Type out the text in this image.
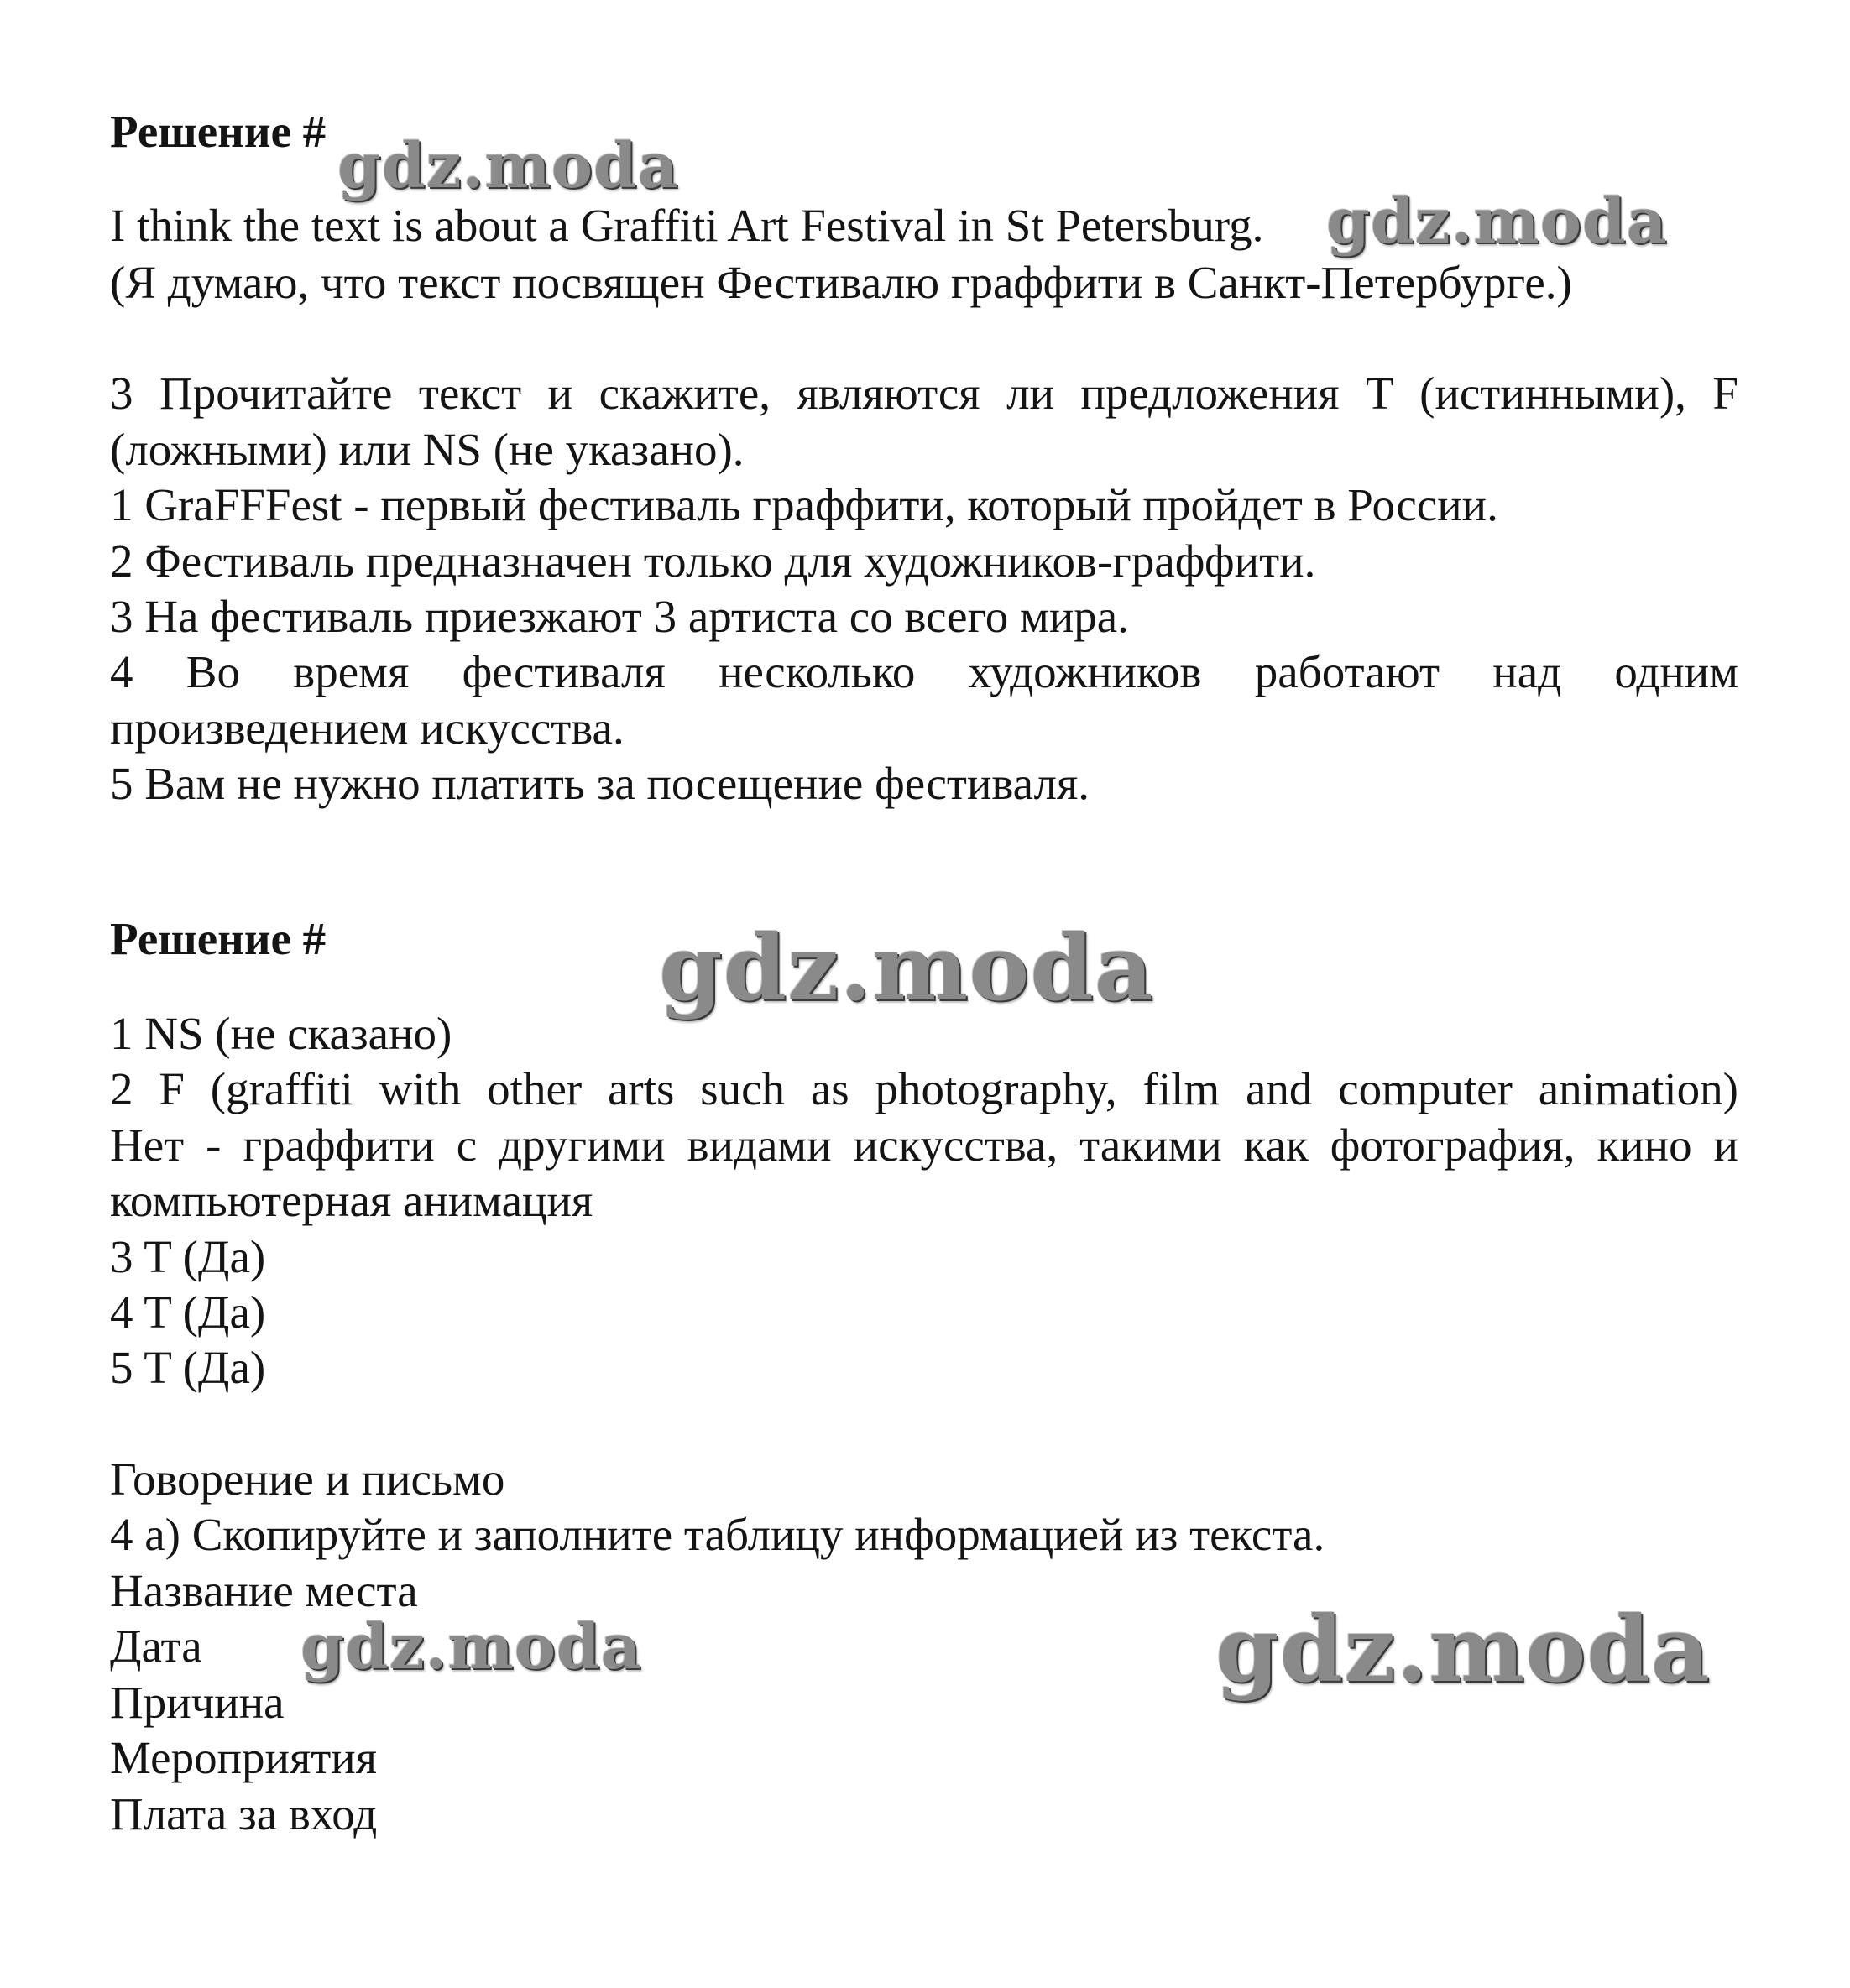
Решение #
I think the text is about a Graffiti Art Festival in St Petersburg.
(Я думаю, что текст посвящен Фестивалю граффити в Санкт-Петербурге.)
3 Прочитайте текст и скажите, являются ли предложения T (истинными), F
(ложными) или NS (не указано).
1 GraFFFest - первый фестиваль граффити, который пройдет в России.
2 Фестиваль предназначен только для художников-граффити.
3 На фестиваль приезжают 3 артиста со всего мира.
4 Во время фестиваля несколько художников работают над одним
произведением искусства.
5 Вам не нужно платить за посещение фестиваля.
Решение #
1 NS (не сказано)
2 F (graffiti with other arts such as photography, film and computer animation)
Нет - граффити с другими видами искусства, такими как фотография, кино и
компьютерная анимация
3 T (Да)
4 T (Да)
5 T (Да)
Говорение и письмо
4 a) Скопируйте и заполните таблицу информацией из текста.
Название места
Дата
Причина
Мероприятия
Плата за вход
gdz.moda
gdz.moda
gdz.moda
gdz.moda	gdz.moda
